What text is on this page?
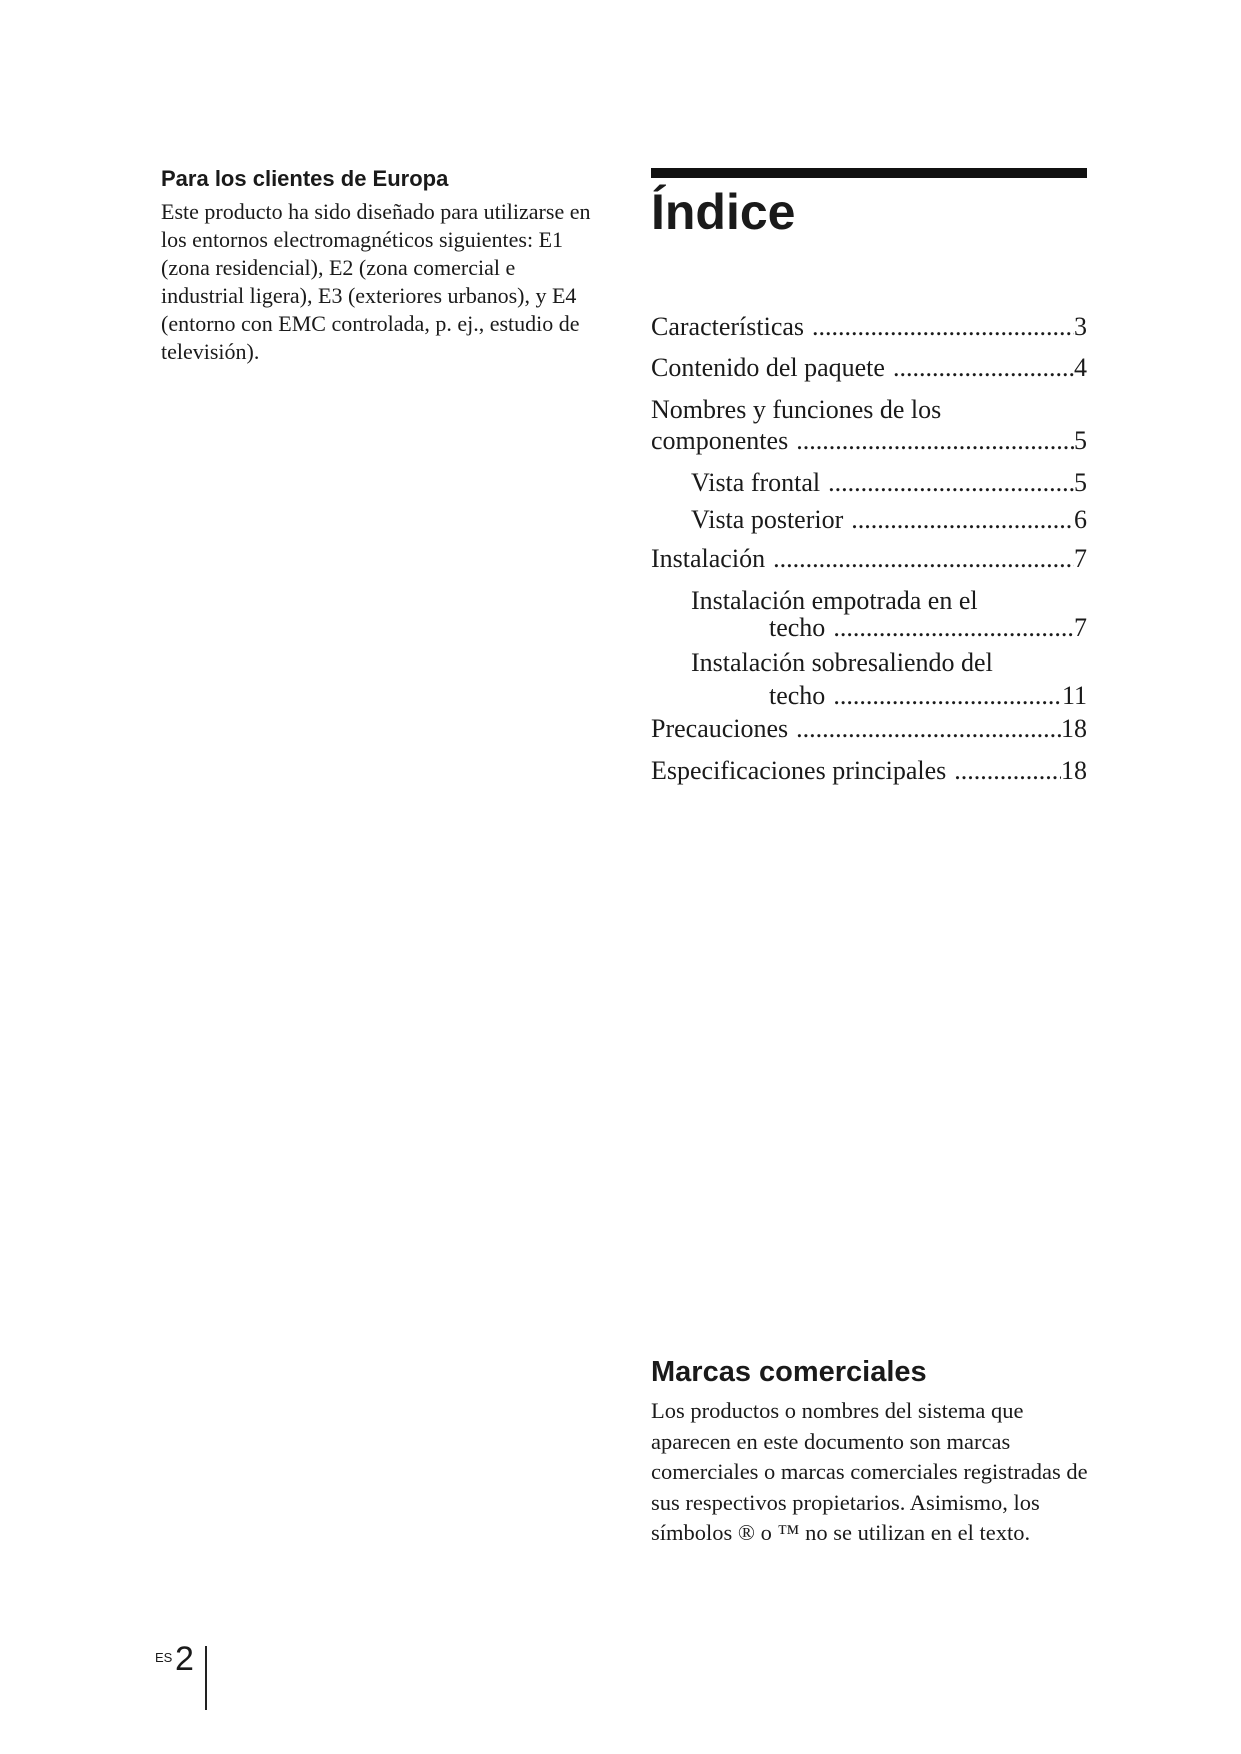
Para los clientes de Europa

Este producto ha sido diseñado para utilizarse en los entornos electromagnéticos siguientes: E1 (zona residencial), E2 (zona comercial e industrial ligera), E3 (exteriores urbanos), y E4 (entorno con EMC controlada, p. ej., estudio de televisión).

Índice
Características .....	3
Contenido del paquete .....	4
Nombres y funciones de los
componentes .....	5
Vista frontal .....	5
Vista posterior .....	6
Instalación .....	7
Instalación empotrada en el
techo .....	7
Instalación sobresaliendo del
techo .....	11
Precauciones .....	18
Especificaciones principales .....	18
Marcas comerciales

Los productos o nombres del sistema que aparecen en este documento son marcas comerciales o marcas comerciales registradas de sus respectivos propietarios. Asimismo, los símbolos ® o ™ no se utilizan en el texto.

ES 2
